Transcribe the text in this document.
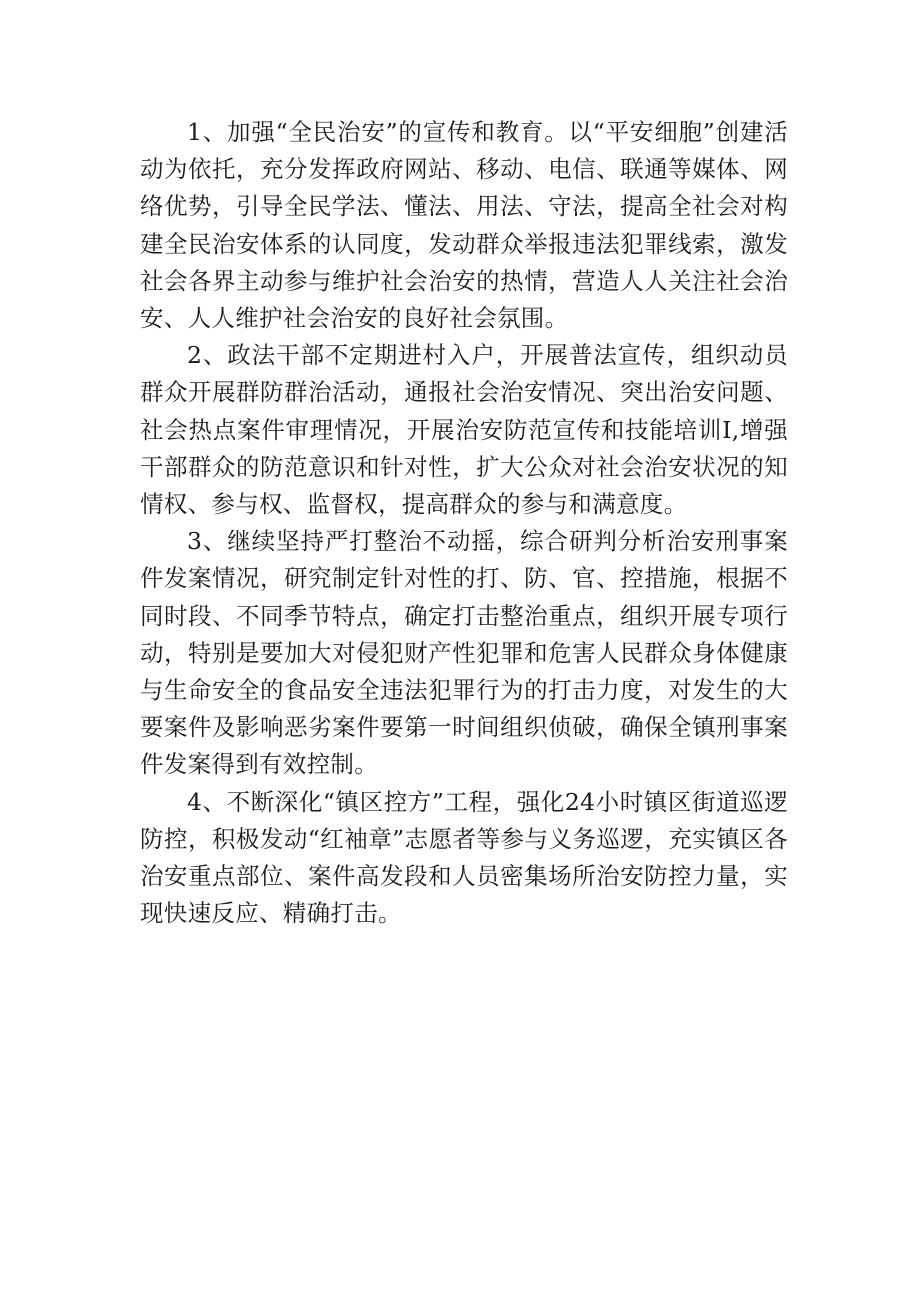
1、加强“全民治安”的宣传和教育。以“平安细胞”创建活动为依托，充分发挥政府网站、移动、电信、联通等媒体、网络优势，引导全民学法、懂法、用法、守法，提高全社会对构建全民治安体系的认同度，发动群众举报违法犯罪线索，激发社会各界主动参与维护社会治安的热情，营造人人关注社会治安、人人维护社会治安的良好社会氛围。

2、政法干部不定期进村入户，开展普法宣传，组织动员群众开展群防群治活动，通报社会治安情况、突出治安问题、社会热点案件审理情况，开展治安防范宣传和技能培训I,增强干部群众的防范意识和针对性，扩大公众对社会治安状况的知情权、参与权、监督权，提高群众的参与和满意度。

3、继续坚持严打整治不动摇，综合研判分析治安刑事案件发案情况，研究制定针对性的打、防、官、控措施，根据不同时段、不同季节特点，确定打击整治重点，组织开展专项行动，特别是要加大对侵犯财产性犯罪和危害人民群众身体健康与生命安全的食品安全违法犯罪行为的打击力度，对发生的大要案件及影响恶劣案件要第一时间组织侦破，确保全镇刑事案件发案得到有效控制。

4、不断深化“镇区控方”工程，强化24小时镇区街道巡逻防控，积极发动“红袖章”志愿者等参与义务巡逻，充实镇区各治安重点部位、案件高发段和人员密集场所治安防控力量，实现快速反应、精确打击。
